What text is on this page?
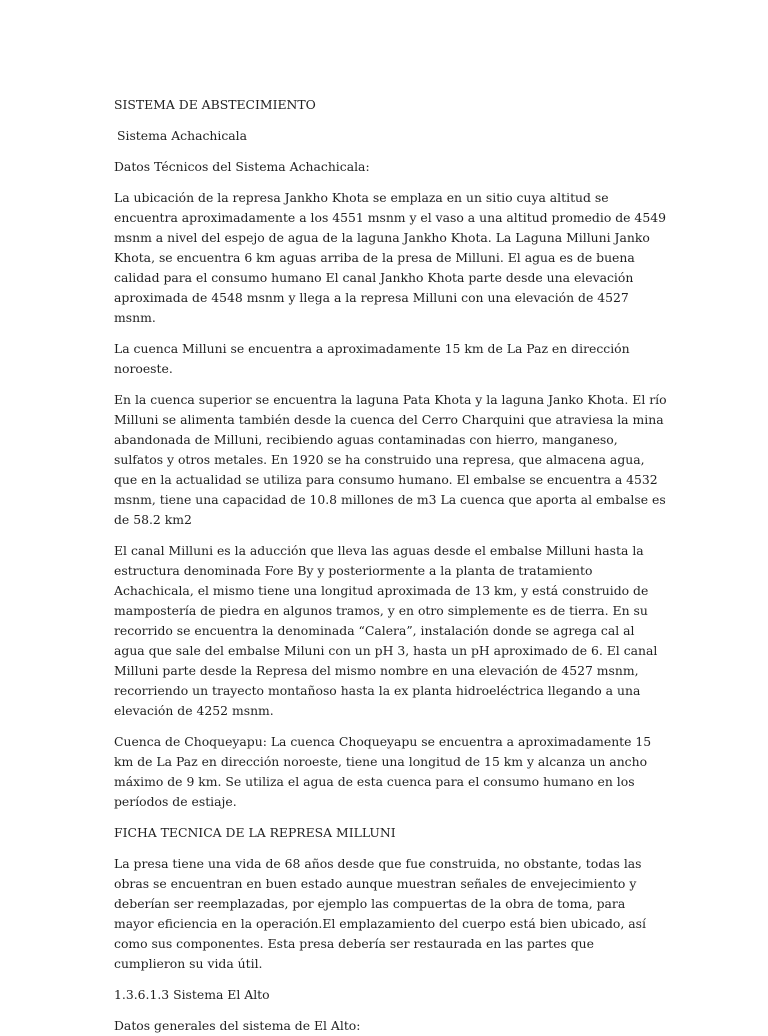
SISTEMA DE ABSTECIMIENTO

Sistema Achachicala

Datos Técnicos del Sistema Achachicala:

La ubicación de la represa Jankho Khota se emplaza en un sitio cuya altitud se encuentra aproximadamente a los 4551 msnm y el vaso a una altitud promedio de 4549 msnm a nivel del espejo de agua de la laguna Jankho Khota. La Laguna Milluni Janko Khota, se encuentra 6 km aguas arriba de la presa de Milluni. El agua es de buena calidad para el consumo humano El canal Jankho Khota parte desde una elevación aproximada de 4548 msnm y llega a la represa Milluni con una elevación de 4527 msnm.

La cuenca Milluni se encuentra a aproximadamente 15 km de La Paz en dirección noroeste.

En la cuenca superior se encuentra la laguna Pata Khota y la laguna Janko Khota. El río Milluni se alimenta también desde la cuenca del Cerro Charquini que atraviesa la mina abandonada de Milluni, recibiendo aguas contaminadas con hierro, manganeso, sulfatos y otros metales. En 1920 se ha construido una represa, que almacena agua, que en la actualidad se utiliza para consumo humano. El embalse se encuentra a 4532 msnm, tiene una capacidad de 10.8 millones de m3 La cuenca que aporta al embalse es de 58.2 km2

El canal Milluni es la aducción que lleva las aguas desde el embalse Milluni hasta la estructura denominada Fore By y posteriormente a la planta de tratamiento Achachicala, el mismo tiene una longitud aproximada de 13 km, y está construido de mampostería de piedra en algunos tramos, y en otro simplemente es de tierra. En su recorrido se encuentra la denominada “Calera”, instalación donde se agrega cal al agua que sale del embalse Miluni con un pH 3, hasta un pH aproximado de 6. El canal Milluni parte desde la Represa del mismo nombre en una elevación de 4527 msnm, recorriendo un trayecto montañoso hasta la ex planta hidroeléctrica llegando a una elevación de 4252 msnm.

Cuenca de Choqueyapu: La cuenca Choqueyapu se encuentra a aproximadamente 15 km de La Paz en dirección noroeste, tiene una longitud de 15 km y alcanza un ancho máximo de 9 km. Se utiliza el agua de esta cuenca para el consumo humano en los períodos de estiaje.

FICHA TECNICA DE LA REPRESA MILLUNI

La presa tiene una vida de 68 años desde que fue construida, no obstante, todas las obras se encuentran en buen estado aunque muestran señales de envejecimiento y deberían ser reemplazadas, por ejemplo las compuertas de la obra de toma, para mayor eficiencia en la operación.El emplazamiento del cuerpo está bien ubicado, así como sus componentes. Esta presa debería ser restaurada en las partes que cumplieron su vida útil.

1.3.6.1.3 Sistema El Alto

Datos generales del sistema de El Alto:
